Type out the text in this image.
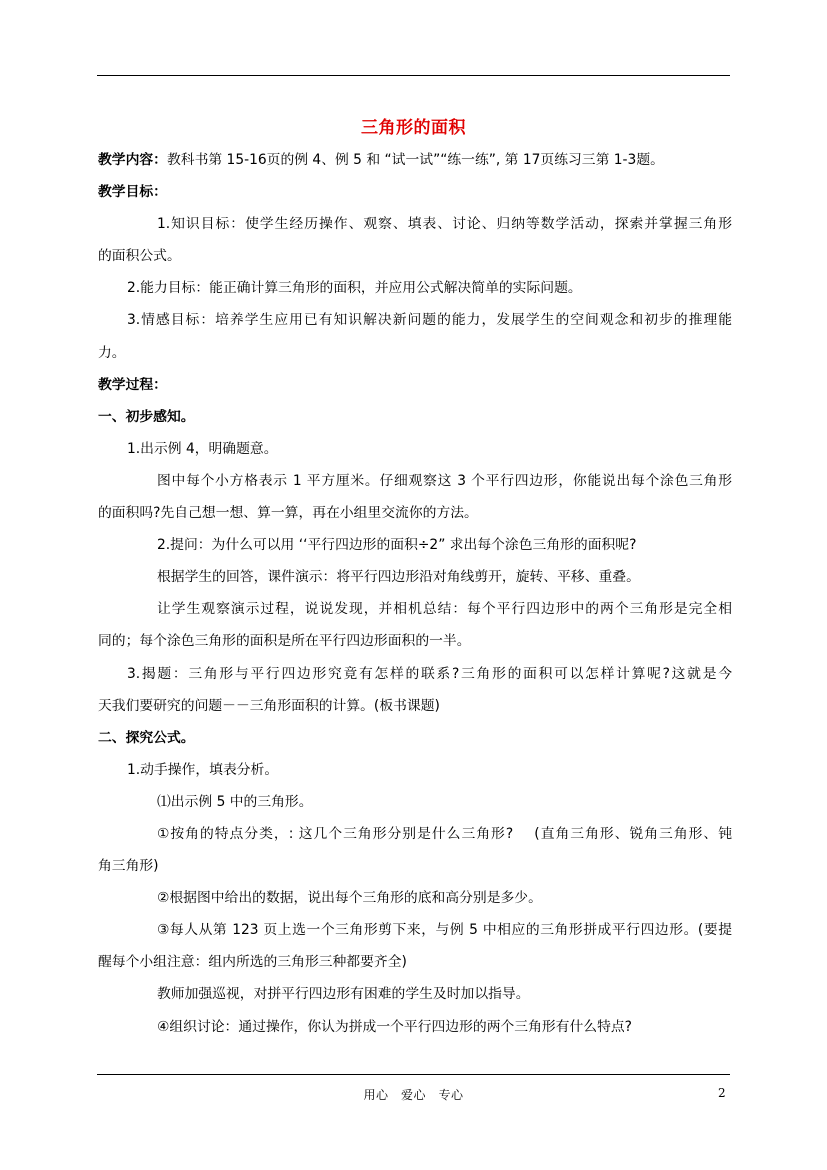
三角形的面积
教学内容：教科书第 15-16页的例 4、例 5 和 “试一试”“练一练”, 第 17页练习三第 1-3题。
教学目标：
1.知识目标：使学生经历操作、观察、填表、讨论、归纳等数学活动，探索并掌握三角形
的面积公式。
2.能力目标：能正确计算三角形的面积，并应用公式解决简单的实际问题。
3.情感目标：培养学生应用已有知识解决新问题的能力，发展学生的空间观念和初步的推理能
力。
教学过程：
一、初步感知。
1.出示例 4，明确题意。
图中每个小方格表示 1 平方厘米。仔细观察这 3 个平行四边形，你能说出每个涂色三角形
的面积吗?先自己想一想、算一算，再在小组里交流你的方法。
2.提问：为什么可以用 ‘‘平行四边形的面积÷2” 求出每个涂色三角形的面积呢?
根据学生的回答，课件演示：将平行四边形沿对角线剪开，旋转、平移、重叠。
让学生观察演示过程，说说发现，并相机总结：每个平行四边形中的两个三角形是完全相
同的；每个涂色三角形的面积是所在平行四边形面积的一半。
3.揭题：三角形与平行四边形究竟有怎样的联系?三角形的面积可以怎样计算呢?这就是今
天我们要研究的问题－－三角形面积的计算。(板书课题)
二、探究公式。
1.动手操作，填表分析。
⑴出示例 5 中的三角形。
①按角的特点分类，: 这几个三角形分别是什么三角形?　 (直角三角形、锐角三角形、钝
角三角形)
②根据图中给出的数据，说出每个三角形的底和高分别是多少。
③每人从第 123 页上选一个三角形剪下来，与例 5 中相应的三角形拼成平行四边形。(要提
醒每个小组注意：组内所选的三角形三种都要齐全)
教师加强巡视，对拼平行四边形有困难的学生及时加以指导。
④组织讨论：通过操作，你认为拼成一个平行四边形的两个三角形有什么特点?
用心　爱心　专心	2
